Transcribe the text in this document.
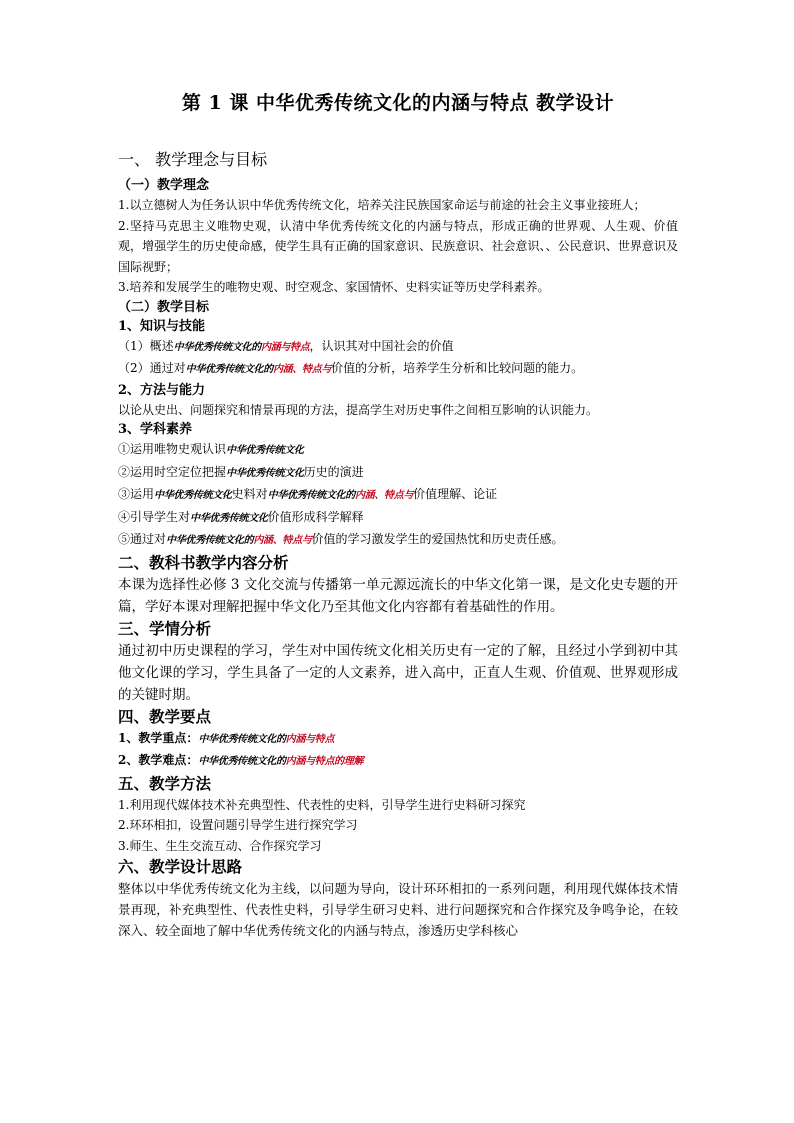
第 1 课 中华优秀传统文化的内涵与特点 教学设计
一、 教学理念与目标
（一）教学理念
1.以立德树人为任务认识中华优秀传统文化，培养关注民族国家命运与前途的社会主义事业接班人；
2.坚持马克思主义唯物史观，认清中华优秀传统文化的内涵与特点，形成正确的世界观、人生观、价值观，增强学生的历史使命感，使学生具有正确的国家意识、民族意识、社会意识、、公民意识、世界意识及国际视野；
3.培养和发展学生的唯物史观、时空观念、家国情怀、史料实证等历史学科素养。
（二）教学目标
1、知识与技能
（1）概述中华优秀传统文化的内涵与特点，认识其对中国社会的价值
（2）通过对中华优秀传统文化的内涵、特点与价值的分析，培养学生分析和比较问题的能力。
2、方法与能力
以论从史出、问题探究和情景再现的方法，提高学生对历史事件之间相互影响的认识能力。
3、学科素养
①运用唯物史观认识中华优秀传统文化
②运用时空定位把握中华优秀传统文化历史的演进
③运用中华优秀传统文化史料对中华优秀传统文化的内涵、特点与价值理解、论证
④引导学生对中华优秀传统文化价值形成科学解释
⑤通过对中华优秀传统文化的内涵、特点与价值的学习激发学生的爱国热忱和历史责任感。
二、教科书教学内容分析
本课为选择性必修 3 文化交流与传播第一单元源远流长的中华文化第一课，是文化史专题的开篇，学好本课对理解把握中华文化乃至其他文化内容都有着基础性的作用。
三、学情分析
通过初中历史课程的学习，学生对中国传统文化相关历史有一定的了解，且经过小学到初中其他文化课的学习，学生具备了一定的人文素养，进入高中，正直人生观、价值观、世界观形成的关键时期。
四、教学要点
1、教学重点：中华优秀传统文化的内涵与特点
2、教学难点：中华优秀传统文化的内涵与特点的理解
五、教学方法
1.利用现代媒体技术补充典型性、代表性的史料，引导学生进行史料研习探究
2.环环相扣，设置问题引导学生进行探究学习
3.师生、生生交流互动、合作探究学习
六、教学设计思路
整体以中华优秀传统文化为主线，以问题为导向，设计环环相扣的一系列问题，利用现代媒体技术情景再现，补充典型性、代表性史料，引导学生研习史料、进行问题探究和合作探究及争鸣争论，在较深入、较全面地了解中华优秀传统文化的内涵与特点，渗透历史学科核心
